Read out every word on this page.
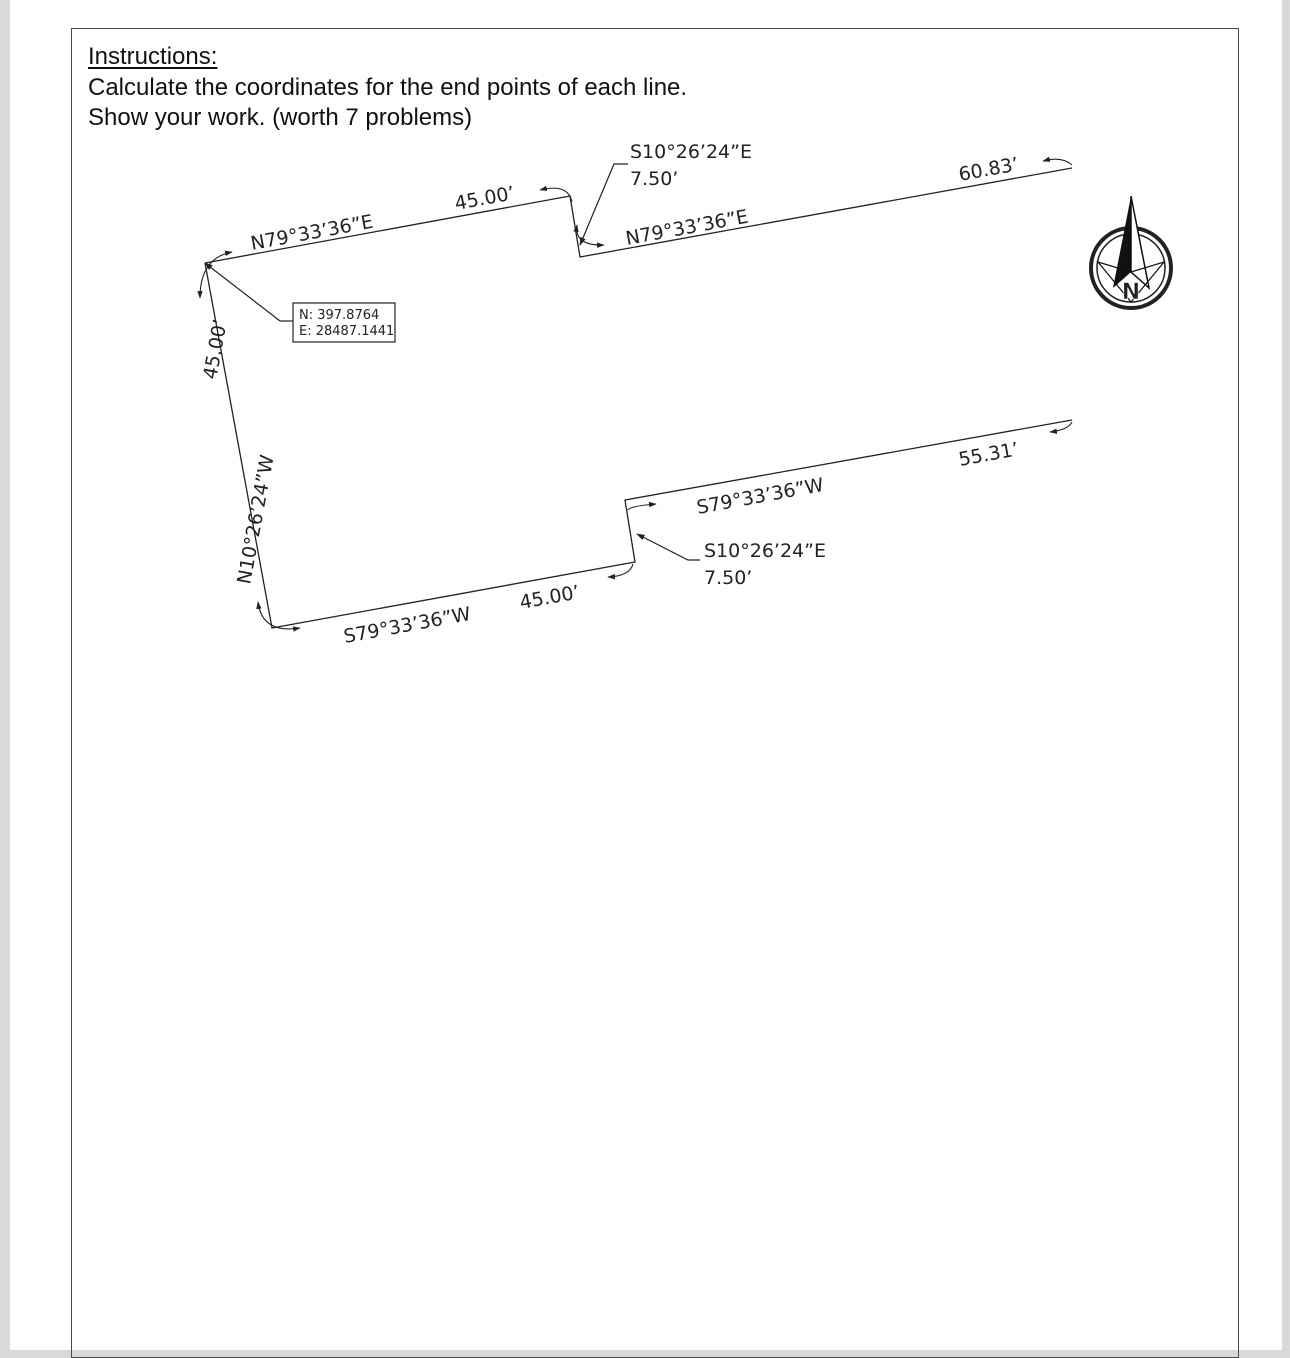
Instructions:
Calculate the coordinates for the end points of each line.
Show your work. (worth 7 problems)
N: 397.8764
E: 28487.1441
N79°33’36”E
45.00’
S10°26’24”E
7.50’
N79°33’36”E
60.83’
S79°33’36”W
55.31’
S10°26’24”E
7.50’
S79°33’36”W
45.00’
N10°26’24”W
45.00’
N
